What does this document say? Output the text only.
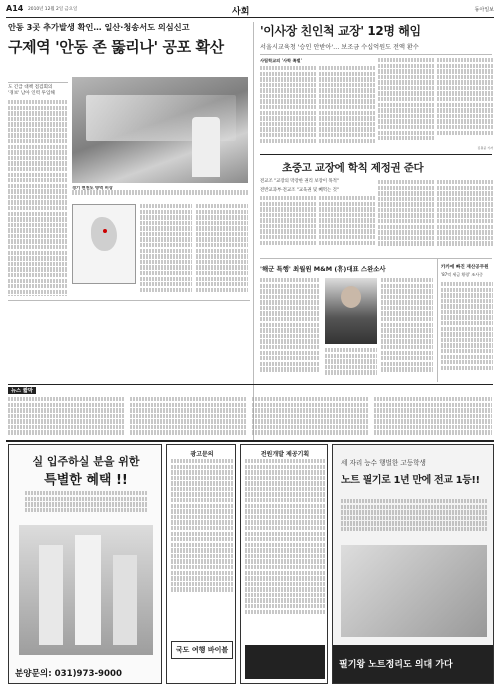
A14 2010년 12월 2일 금요일	사회	동아일보
안동 3곳 추가발생 확인… 일산·청송서도 의심신고
구제역 '안동 존 뚫리나' 공포 확산
도 긴급 대책 점검회의
'경보' 남아 인력 투입해
경기 연천도 방역 비상
'이사장 친인척 교장' 12명 해임
서울시교육청 '승인 안받아'… 보조금 수십억원도 전액 환수
사립학교의 '사학 족벌'
김원중 기자
초중고 교장에 학칙 제정권 준다
전교조 "교장의 막강한 권리 보장이 목적"
전반교과부·전교조 "교육권 및 빼먹는 것"
'해군 특행' 최월원 M&M (휴)대표 스완소사	카카에 빠진 재산공무원
'87억 세금 횡령' 조사중
뉴스 짧막
실 입주하실 분을 위한
특별한 혜택 !!
분양문의: 031)973-9000
광고문의
국도 여행 바이블
전원개발 제공기획
세 자리 능수 행벌한 고등학생
노트 필기로 1년 만에 전교 1등!!
필기왕 노트정리도 의대 가다
